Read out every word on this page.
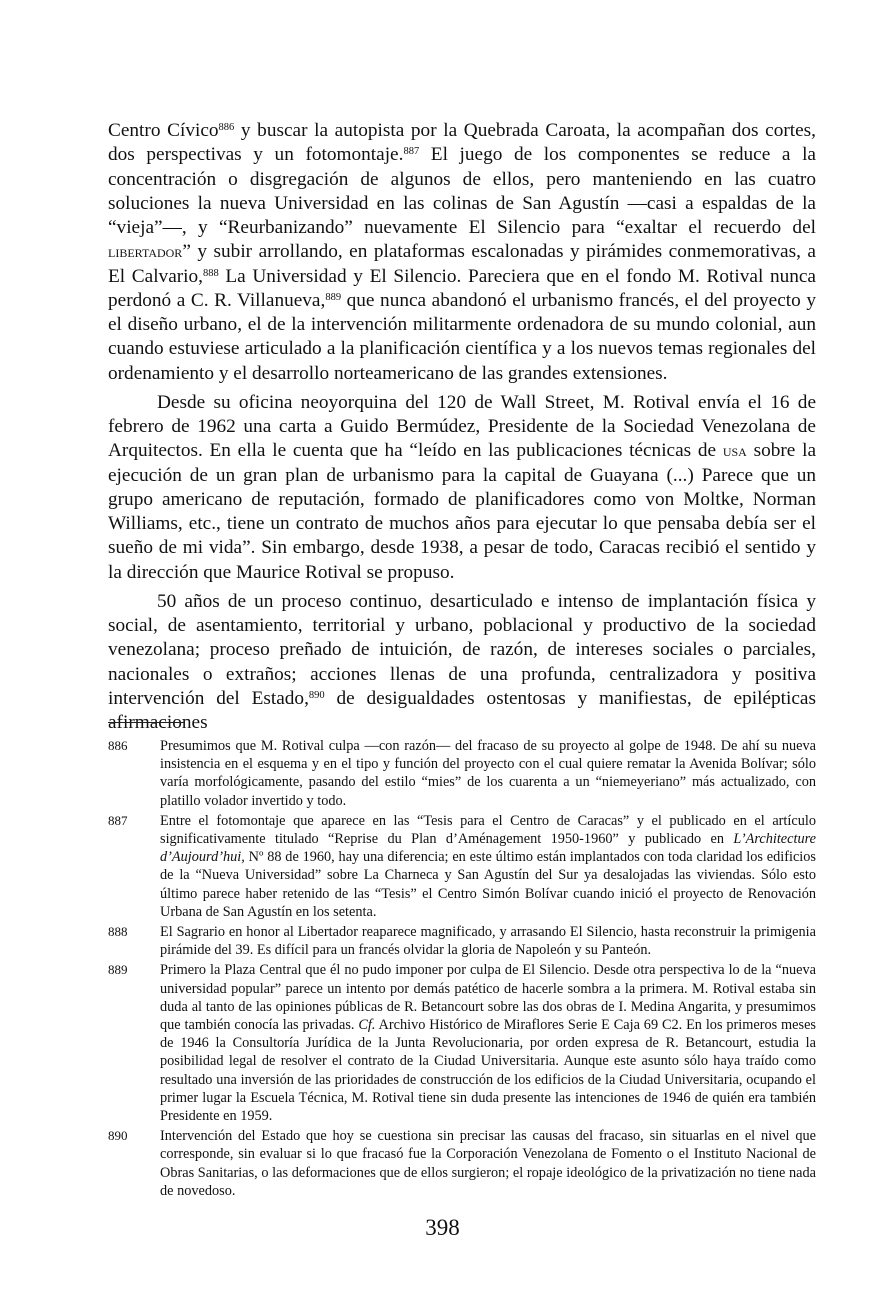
Centro Cívico$^{886}$ y buscar la autopista por la Quebrada Caroata, la acompañan dos cortes, dos perspectivas y un fotomontaje.$^{887}$ El juego de los componentes se reduce a la concentración o disgregación de algunos de ellos, pero manteniendo en las cuatro soluciones la nueva Universidad en las colinas de San Agustín —casi a espaldas de la “vieja”—, y “Reurbanizando” nuevamente El Silencio para “exaltar el recuerdo del libertador” y subir arrollando, en plataformas escalonadas y pirámides conmemorativas, a El Calvario,$^{888}$ La Universidad y El Silencio. Pareciera que en el fondo M. Rotival nunca perdonó a C. R. Villanueva,$^{889}$ que nunca abandonó el urbanismo francés, el del proyecto y el diseño urbano, el de la intervención militarmente ordenadora de su mundo colonial, aun cuando estuviese articulado a la planificación científica y a los nuevos temas regionales del ordenamiento y el desarrollo norteamericano de las grandes extensiones.

Desde su oficina neoyorquina del 120 de Wall Street, M. Rotival envía el 16 de febrero de 1962 una carta a Guido Bermúdez, Presidente de la Sociedad Venezolana de Arquitectos. En ella le cuenta que ha “leído en las publicaciones técnicas de usa sobre la ejecución de un gran plan de urbanismo para la capital de Guayana (...) Parece que un grupo americano de reputación, formado de planificadores como von Moltke, Norman Williams, etc., tiene un contrato de muchos años para ejecutar lo que pensaba debía ser el sueño de mi vida”. Sin embargo, desde 1938, a pesar de todo, Caracas recibió el sentido y la dirección que Maurice Rotival se propuso.

50 años de un proceso continuo, desarticulado e intenso de implantación física y social, de asentamiento, territorial y urbano, poblacional y productivo de la sociedad venezolana; proceso preñado de intuición, de razón, de intereses sociales o parciales, nacionales o extraños; acciones llenas de una profunda, centralizadora y positiva intervención del Estado,$^{890}$ de desigualdades ostentosas y manifiestas, de epilépticas afirmaciones

886	Presumimos que M. Rotival culpa —con razón— del fracaso de su proyecto al golpe de 1948. De ahí su nueva insistencia en el esquema y en el tipo y función del proyecto con el cual quiere rematar la Avenida Bolívar; sólo varía morfológicamente, pasando del estilo “mies” de los cuarenta a un “niemeyeriano” más actualizado, con platillo volador invertido y todo.
887	Entre el fotomontaje que aparece en las “Tesis para el Centro de Caracas” y el publicado en el artículo significativamente titulado “Reprise du Plan d’Aménagement 1950-1960” y publicado en L’Architecture d’Aujourd’hui, Nº 88 de 1960, hay una diferencia; en este último están implantados con toda claridad los edificios de la “Nueva Universidad” sobre La Charneca y San Agustín del Sur ya desalojadas las viviendas. Sólo esto último parece haber retenido de las “Tesis” el Centro Simón Bolívar cuando inició el proyecto de Renovación Urbana de San Agustín en los setenta.
888	El Sagrario en honor al Libertador reaparece magnificado, y arrasando El Silencio, hasta reconstruir la primigenia pirámide del 39. Es difícil para un francés olvidar la gloria de Napoleón y su Panteón.
889	Primero la Plaza Central que él no pudo imponer por culpa de El Silencio. Desde otra perspectiva lo de la “nueva universidad popular” parece un intento por demás patético de hacerle sombra a la primera. M. Rotival estaba sin duda al tanto de las opiniones públicas de R. Betancourt sobre las dos obras de I. Medina Angarita, y presumimos que también conocía las privadas. Cf. Archivo Histórico de Miraflores Serie E Caja 69 C2. En los primeros meses de 1946 la Consultoría Jurídica de la Junta Revolucionaria, por orden expresa de R. Betancourt, estudia la posibilidad legal de resolver el contrato de la Ciudad Universitaria. Aunque este asunto sólo haya traído como resultado una inversión de las prioridades de construcción de los edificios de la Ciudad Universitaria, ocupando el primer lugar la Escuela Técnica, M. Rotival tiene sin duda presente las intenciones de 1946 de quién era también Presidente en 1959.
890	Intervención del Estado que hoy se cuestiona sin precisar las causas del fracaso, sin situarlas en el nivel que corresponde, sin evaluar si lo que fracasó fue la Corporación Venezolana de Fomento o el Instituto Nacional de Obras Sanitarias, o las deformaciones que de ellos surgieron; el ropaje ideológico de la privatización no tiene nada de novedoso.
398
